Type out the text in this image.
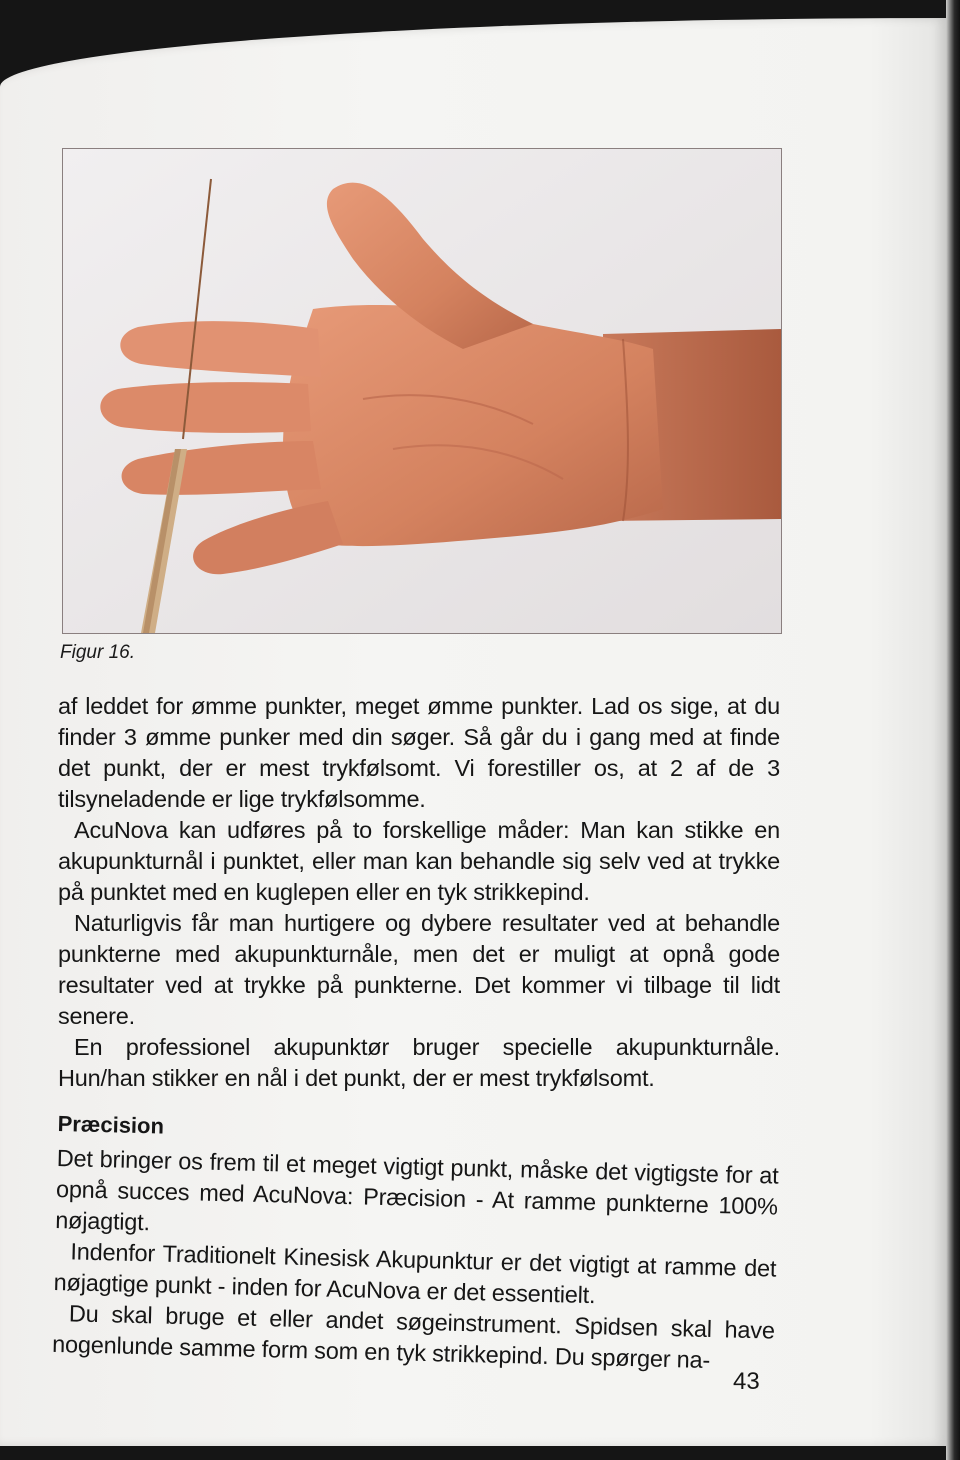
Figur 16.

af leddet for ømme punkter, meget ømme punkter. Lad os sige, at du finder 3 ømme punker med din søger. Så går du i gang med at finde det punkt, der er mest trykfølsomt. Vi forestiller os, at 2 af de 3 tilsyneladende er lige trykfølsomme.

AcuNova kan udføres på to forskellige måder: Man kan stikke en akupunkturnål i punktet, eller man kan behandle sig selv ved at trykke på punktet med en kuglepen eller en tyk strikkepind.

Naturligvis får man hurtigere og dybere resultater ved at behandle punkterne med akupunkturnåle, men det er muligt at opnå gode resultater ved at trykke på punkterne. Det kommer vi tilbage til lidt senere.

En professionel akupunktør bruger specielle akupunkturnåle. Hun/han stikker en nål i det punkt, der er mest trykfølsomt.

Præcision

Det bringer os frem til et meget vigtigt punkt, måske det vigtigste for at opnå succes med AcuNova: Præcision - At ramme punkterne 100% nøjagtigt.

Indenfor Traditionelt Kinesisk Akupunktur er det vigtigt at ramme det nøjagtige punkt - inden for AcuNova er det essentielt.

Du skal bruge et eller andet søgeinstrument. Spidsen skal have nogenlunde samme form som en tyk strikkepind. Du spørger na-

43
